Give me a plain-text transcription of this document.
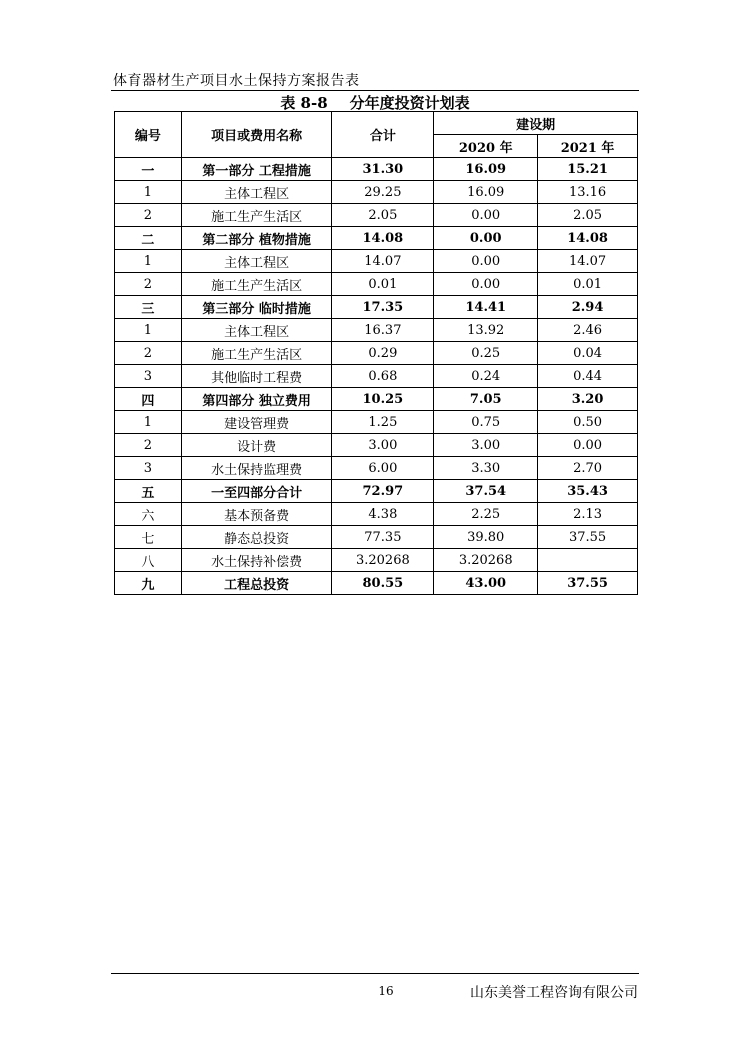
体育器材生产项目水土保持方案报告表
表 8-8 分年度投资计划表
编号	项目或费用名称	合计	建设期	
			2020 年	2021 年
一	第一部分 工程措施	31.30	16.09	15.21
1	主体工程区	29.25	16.09	13.16
2	施工生产生活区	2.05	0.00	2.05
二	第二部分 植物措施	14.08	0.00	14.08
1	主体工程区	14.07	0.00	14.07
2	施工生产生活区	0.01	0.00	0.01
三	第三部分 临时措施	17.35	14.41	2.94
1	主体工程区	16.37	13.92	2.46
2	施工生产生活区	0.29	0.25	0.04
3	其他临时工程费	0.68	0.24	0.44
四	第四部分 独立费用	10.25	7.05	3.20
1	建设管理费	1.25	0.75	0.50
2	设计费	3.00	3.00	0.00
3	水土保持监理费	6.00	3.30	2.70
五	一至四部分合计	72.97	37.54	35.43
六	基本预备费	4.38	2.25	2.13
七	静态总投资	77.35	39.80	37.55
八	水土保持补偿费	3.20268	3.20268	
九	工程总投资	80.55	43.00	37.55
16	山东美誉工程咨询有限公司
